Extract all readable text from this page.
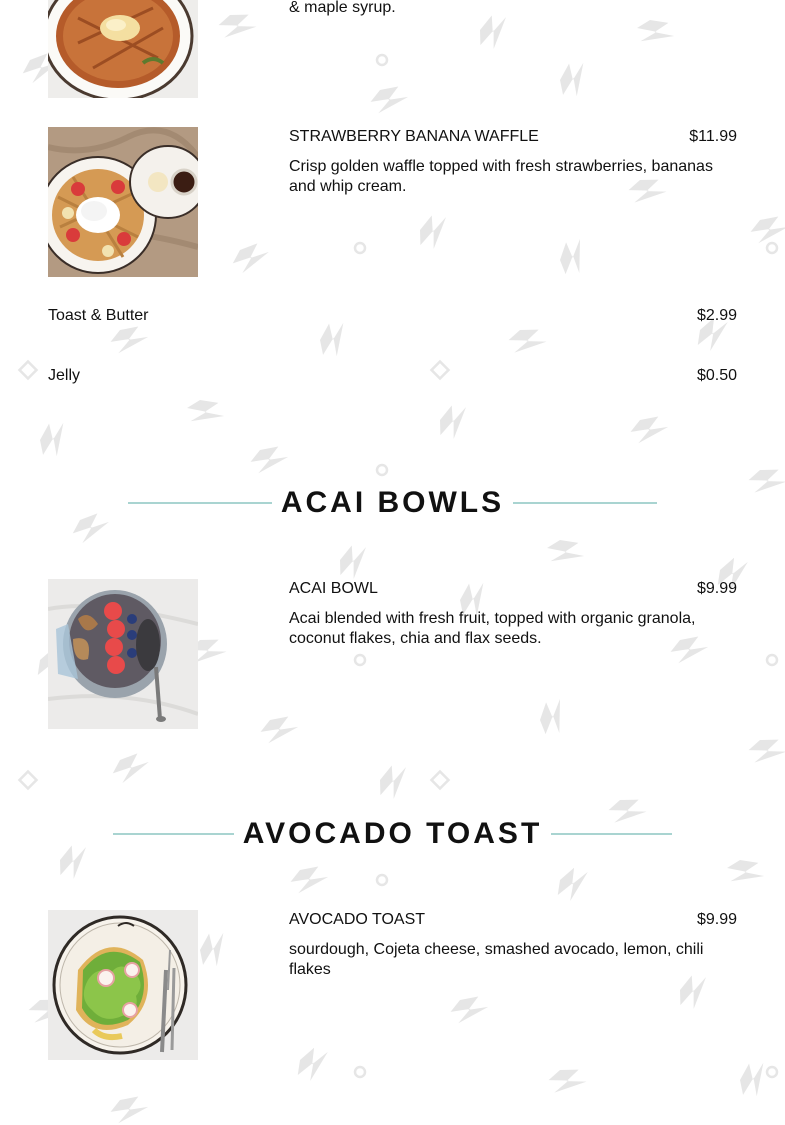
& maple syrup.
STRAWBERRY BANANA WAFFLE	$11.99
Crisp golden waffle topped with fresh strawberries, bananas and whip cream.
Toast & Butter	$2.99
Jelly	$0.50
ACAI BOWLS
ACAI BOWL	$9.99
Acai blended with fresh fruit, topped with organic granola, coconut flakes, chia and flax seeds.
AVOCADO TOAST
AVOCADO TOAST	$9.99
sourdough, Cojeta cheese, smashed avocado, lemon, chili flakes
